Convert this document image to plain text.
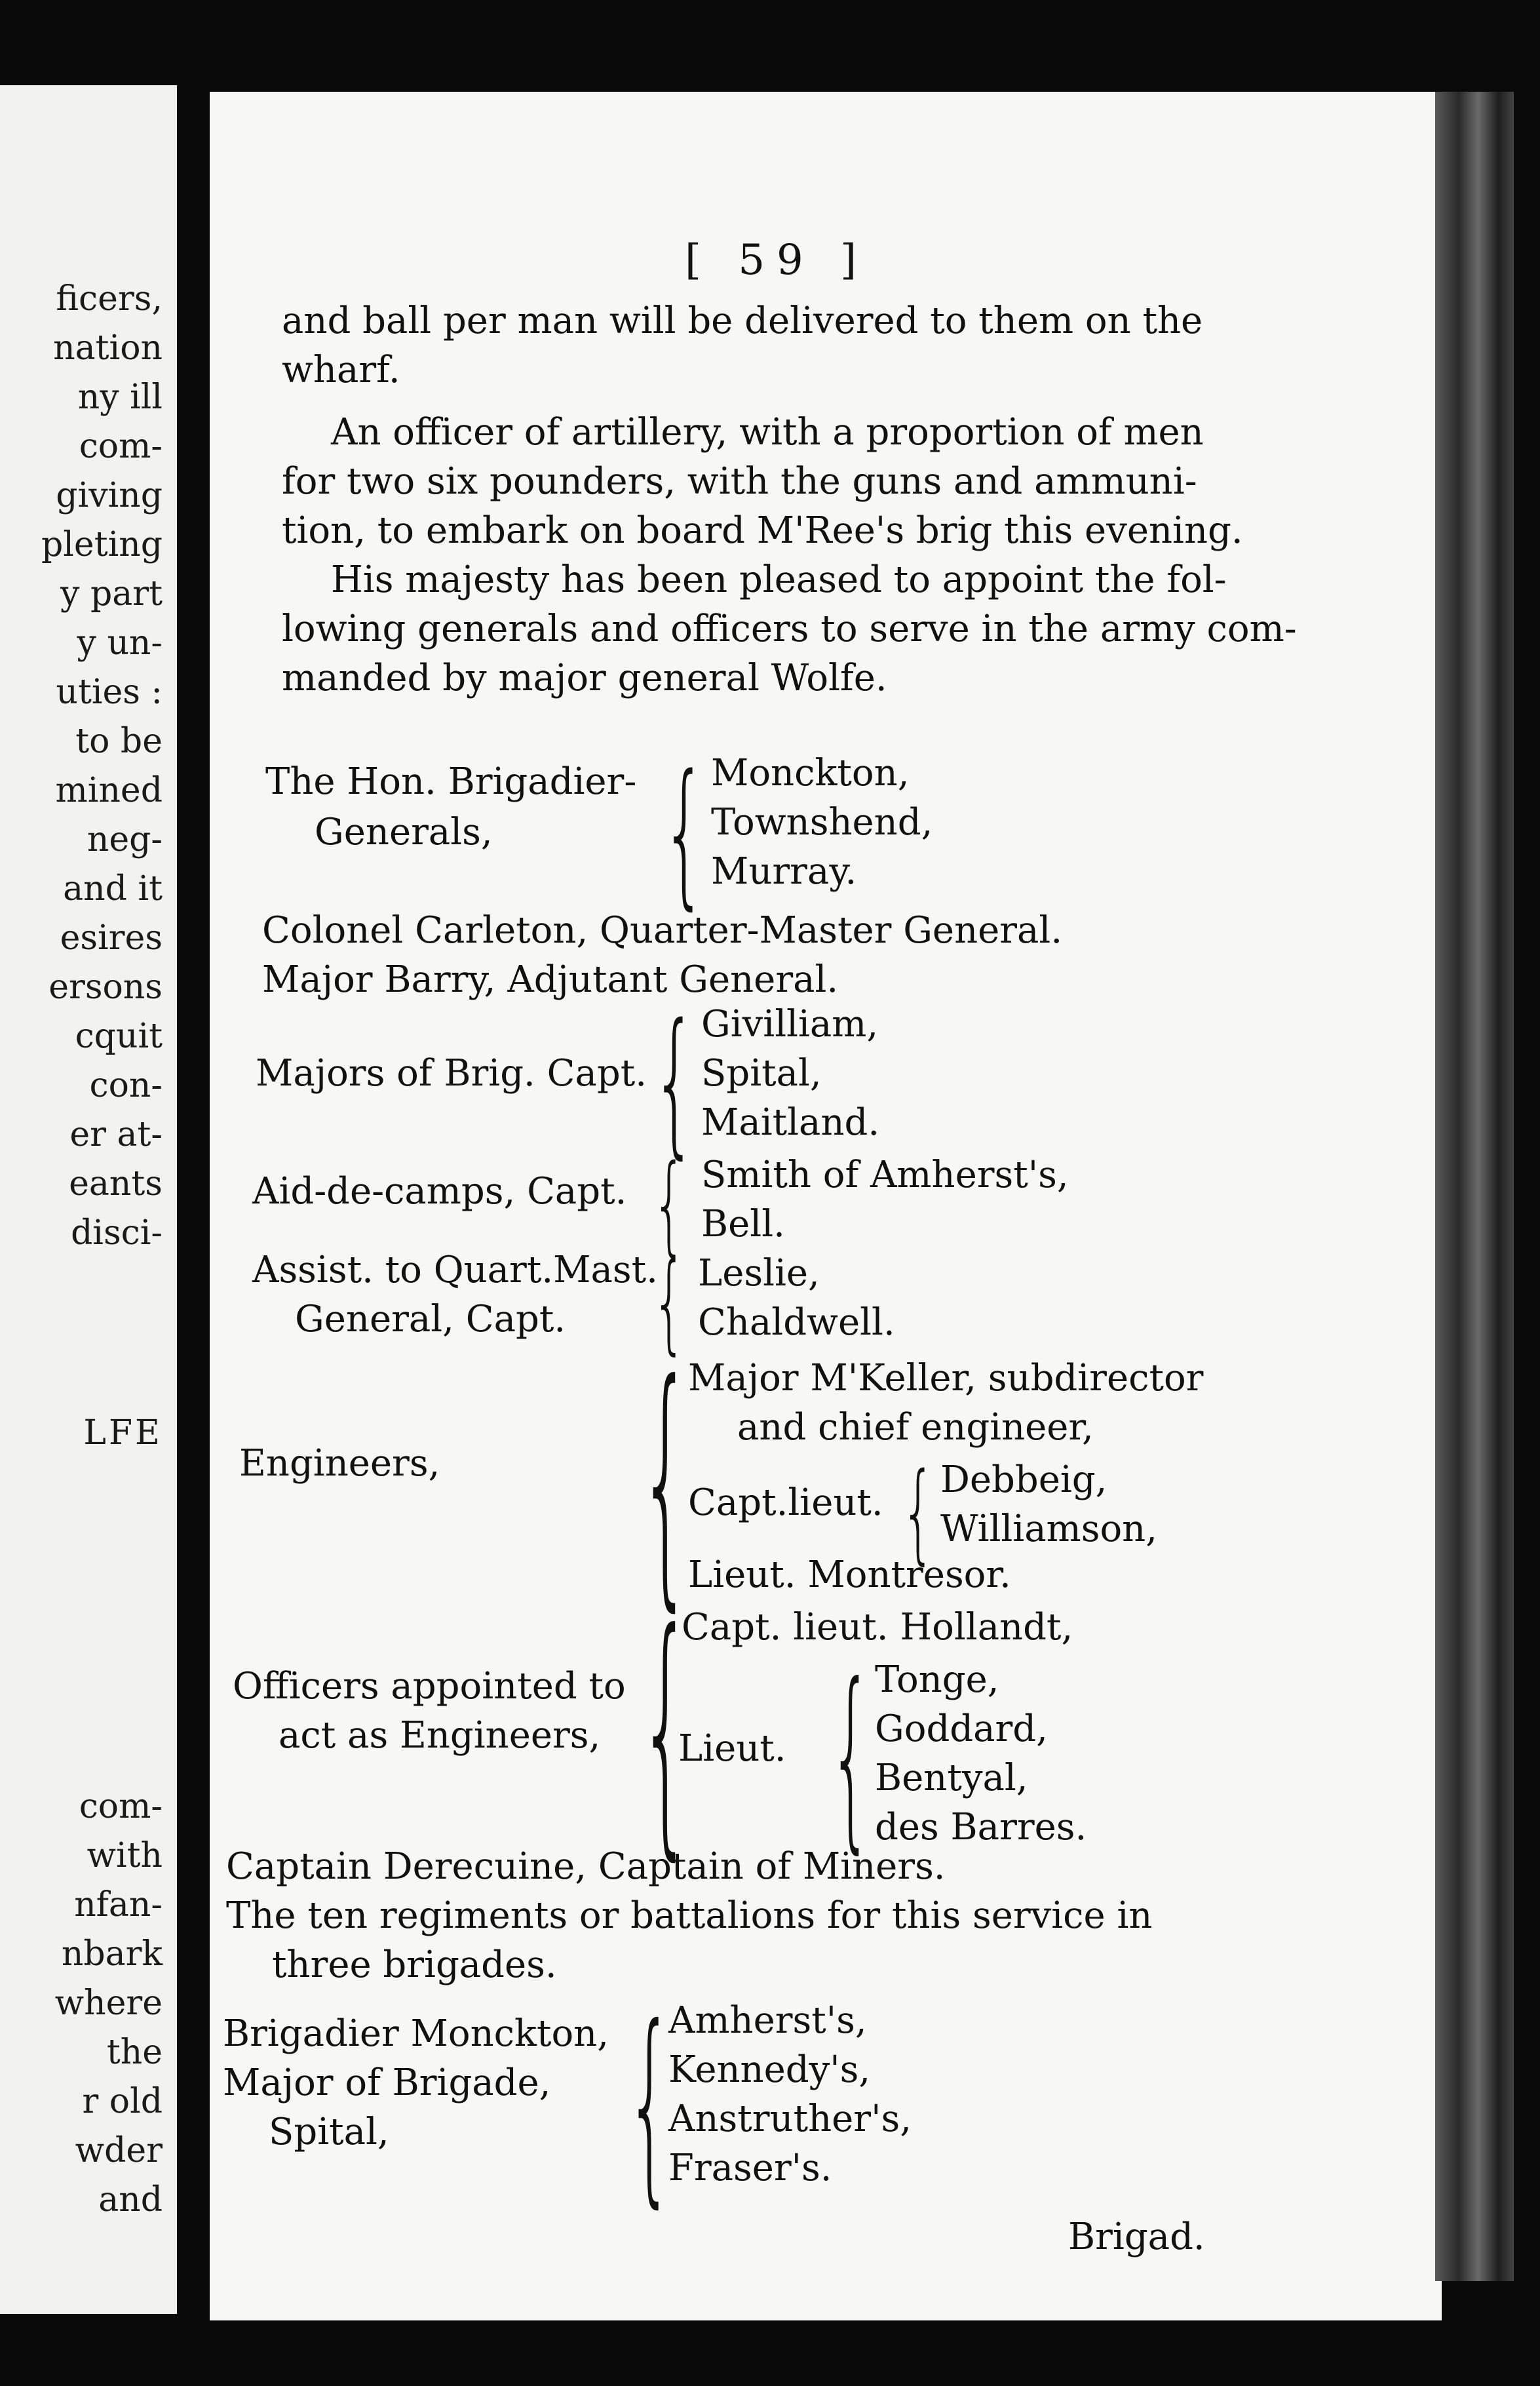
ficers,
nation
ny ill
com-
giving
pleting
y part
y un-
uties :
to be
mined
neg-
and it
esires
ersons
cquit
con-
er at-
eants
disci-
LFE
com-
with
nfan-
nbark
where
the
r old
wder
and
[ 59 ]
and ball per man will be delivered to them on the
wharf.
An officer of artillery, with a proportion of men
for two six pounders, with the guns and ammuni-
tion, to embark on board M'Ree's brig this evening.
His majesty has been pleased to appoint the fol-
lowing generals and officers to serve in the army com-
manded by major general Wolfe.
The Hon. Brigadier-
Generals, { Monckton,
Townshend,
Murray.
Colonel Carleton, Quarter-Master General.
Major Barry, Adjutant General.
Majors of Brig. Capt. { Givilliam,
Spital,
Maitland.
Aid-de-camps, Capt. { Smith of Amherst's,
Bell.
Assist. to Quart.Mast.
General, Capt. { Leslie,
Chaldwell.
Engineers, {
Major M'Keller, subdirector
and chief engineer,
Capt.lieut. { Debbeig,
Williamson,
Lieut. Montresor.
Officers appointed to
act as Engineers, {
Capt. lieut. Hollandt,
Lieut. { Tonge,
Goddard,
Bentyal,
des Barres.
Captain Derecuine, Captain of Miners.
The ten regiments or battalions for this service in
three brigades.
Brigadier Monckton,
Major of Brigade,
Spital, {
Amherst's,
Kennedy's,
Anstruther's,
Fraser's.
Brigad.
